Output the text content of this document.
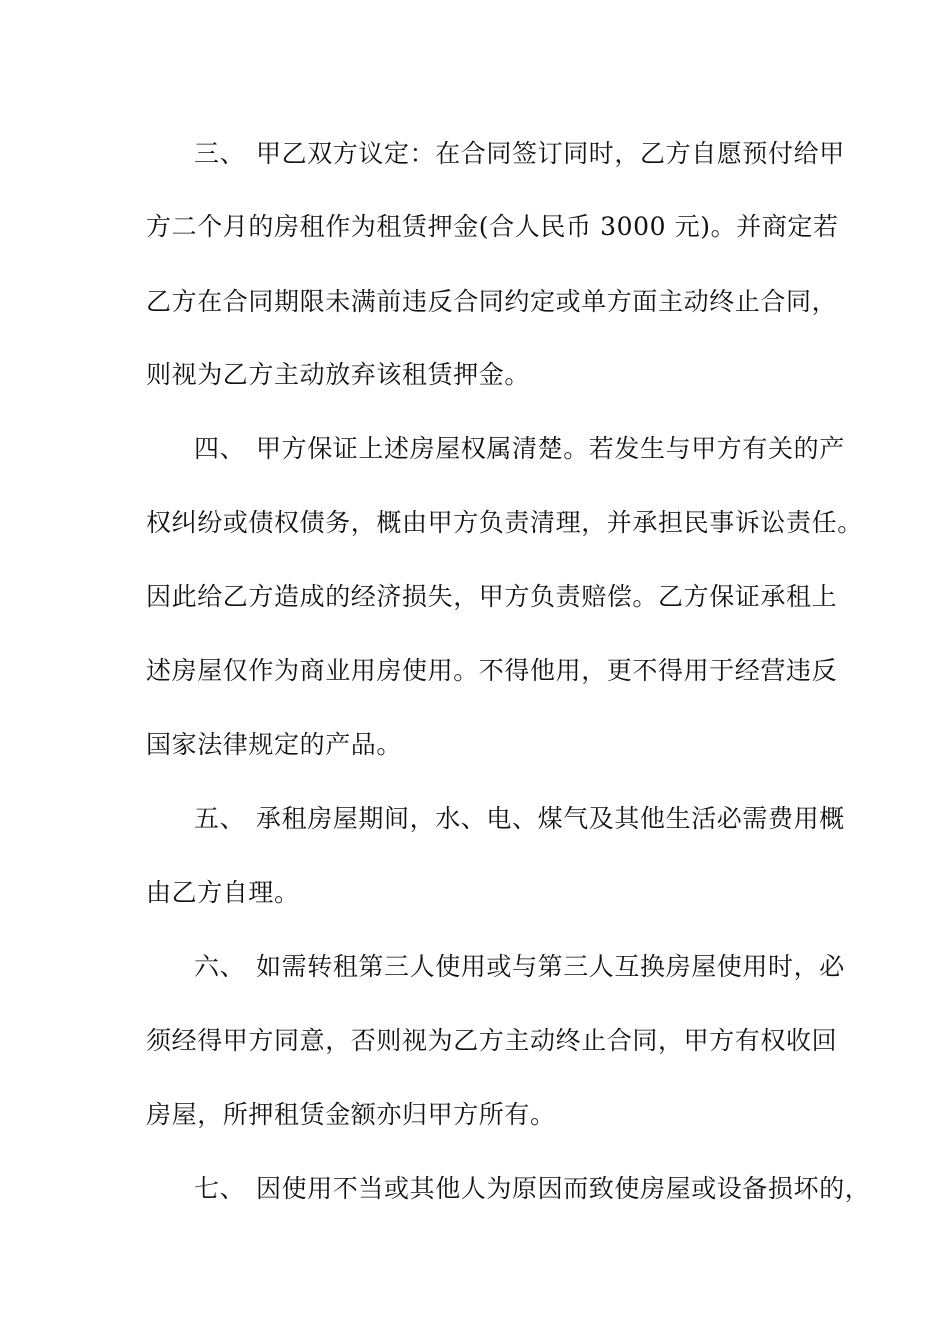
三、 甲乙双方议定：在合同签订同时，乙方自愿预付给甲
方二个月的房租作为租赁押金(合人民币 3000 元)。并商定若
乙方在合同期限未满前违反合同约定或单方面主动终止合同，
则视为乙方主动放弃该租赁押金。
四、 甲方保证上述房屋权属清楚。若发生与甲方有关的产
权纠纷或债权债务，概由甲方负责清理，并承担民事诉讼责任。
因此给乙方造成的经济损失，甲方负责赔偿。乙方保证承租上
述房屋仅作为商业用房使用。不得他用，更不得用于经营违反
国家法律规定的产品。
五、 承租房屋期间，水、电、煤气及其他生活必需费用概
由乙方自理。
六、 如需转租第三人使用或与第三人互换房屋使用时，必
须经得甲方同意，否则视为乙方主动终止合同，甲方有权收回
房屋，所押租赁金额亦归甲方所有。
七、 因使用不当或其他人为原因而致使房屋或设备损坏的，
